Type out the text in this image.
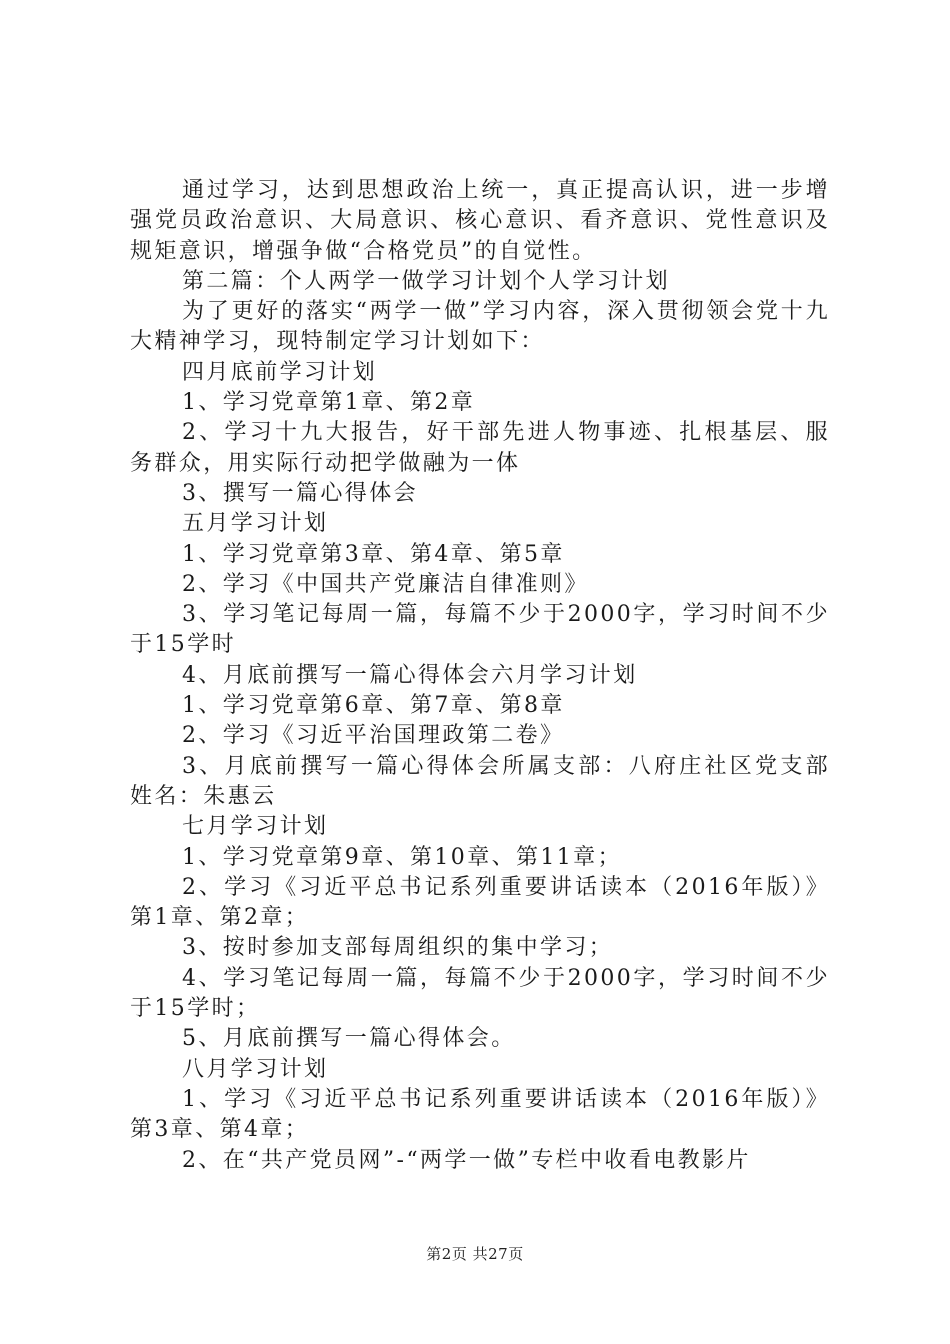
通过学习，达到思想政治上统一，真正提高认识，进一步增强党员政治意识、大局意识、核心意识、看齐意识、党性意识及规矩意识，增强争做“合格党员”的自觉性。

第二篇：个人两学一做学习计划个人学习计划

为了更好的落实“两学一做”学习内容，深入贯彻领会党十九大精神学习，现特制定学习计划如下：

四月底前学习计划

1、学习党章第1章、第2章

2、学习十九大报告，好干部先进人物事迹、扎根基层、服务群众，用实际行动把学做融为一体

3、撰写一篇心得体会

五月学习计划

1、学习党章第3章、第4章、第5章

2、学习《中国共产党廉洁自律准则》

3、学习笔记每周一篇，每篇不少于2000字，学习时间不少于15学时

4、月底前撰写一篇心得体会六月学习计划

1、学习党章第6章、第7章、第8章

2、学习《习近平治国理政第二卷》

3、月底前撰写一篇心得体会所属支部：八府庄社区党支部姓名：朱惠云

七月学习计划

1、学习党章第9章、第10章、第11章；

2、学习《习近平总书记系列重要讲话读本（2016年版）》第1章、第2章；

3、按时参加支部每周组织的集中学习；

4、学习笔记每周一篇，每篇不少于2000字，学习时间不少于15学时；

5、月底前撰写一篇心得体会。

八月学习计划

1、学习《习近平总书记系列重要讲话读本（2016年版）》第3章、第4章；

2、在“共产党员网”-“两学一做”专栏中收看电教影片

第2页 共27页
